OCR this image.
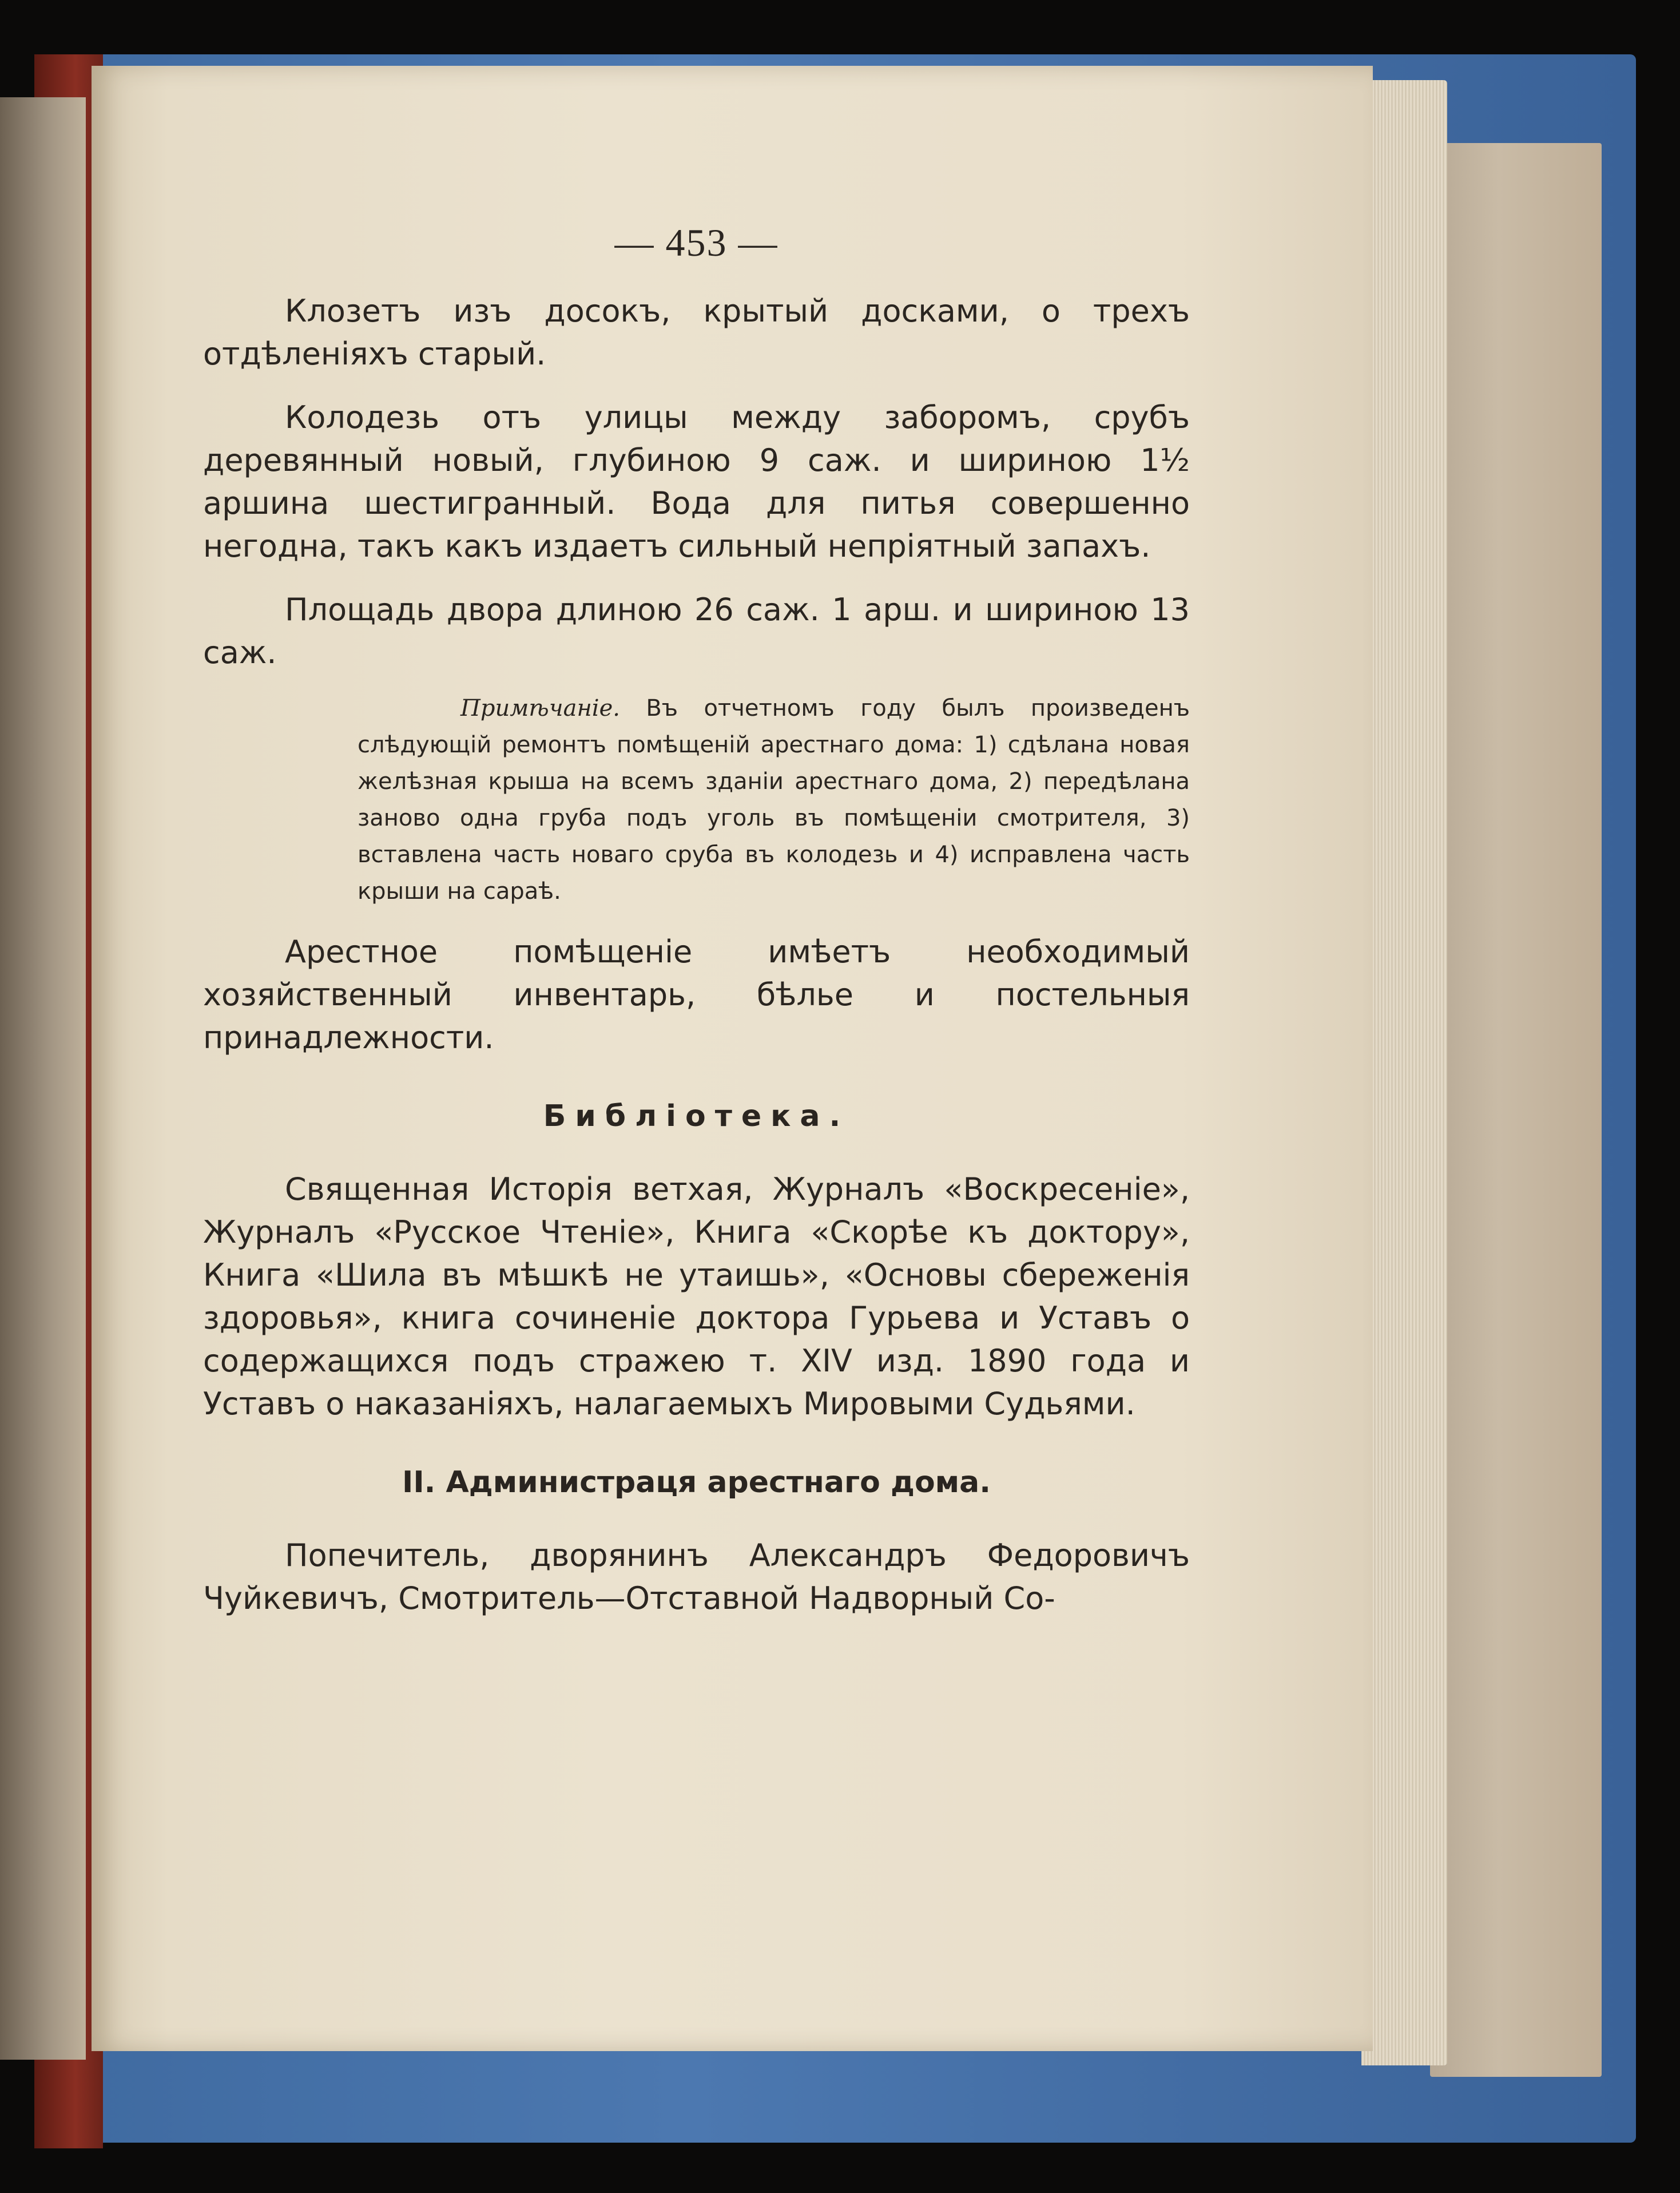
— 453 —

Клозетъ изъ досокъ, крытый досками, о трехъ отдѣленіяхъ старый.

Колодезь отъ улицы между заборомъ, срубъ деревянный новый, глубиною 9 саж. и шириною 1½ аршина шестигранный. Вода для питья совершенно негодна, такъ какъ издаетъ сильный непріятный запахъ.

Площадь двора длиною 26 саж. 1 арш. и шириною 13 саж.

Примѣчаніе. Въ отчетномъ году былъ произведенъ слѣдующій ремонтъ помѣщеній арестнаго дома: 1) сдѣлана новая желѣзная крыша на всемъ зданіи арестнаго дома, 2) передѣлана заново одна груба подъ уголь въ помѣщеніи смотрителя, 3) вставлена часть новаго сруба въ колодезь и 4) исправлена часть крыши на сараѣ.

Арестное помѣщеніе имѣетъ необходимый хозяйственный инвентарь, бѣлье и постельныя принадлежности.

Библіотека.

Священная Исторія ветхая, Журналъ «Воскресеніе», Журналъ «Русское Чтеніе», Книга «Скорѣе къ доктору», Книга «Шила въ мѣшкѣ не утаишь», «Основы сбереженія здоровья», книга сочиненіе доктора Гурьева и Уставъ о содержащихся подъ стражею т. XIV изд. 1890 года и Уставъ о наказаніяхъ, налагаемыхъ Мировыми Судьями.

II. Администраця арестнаго дома.

Попечитель, дворянинъ Александръ Федоровичъ Чуйкевичъ, Смотритель—Отставной Надворный Со-
